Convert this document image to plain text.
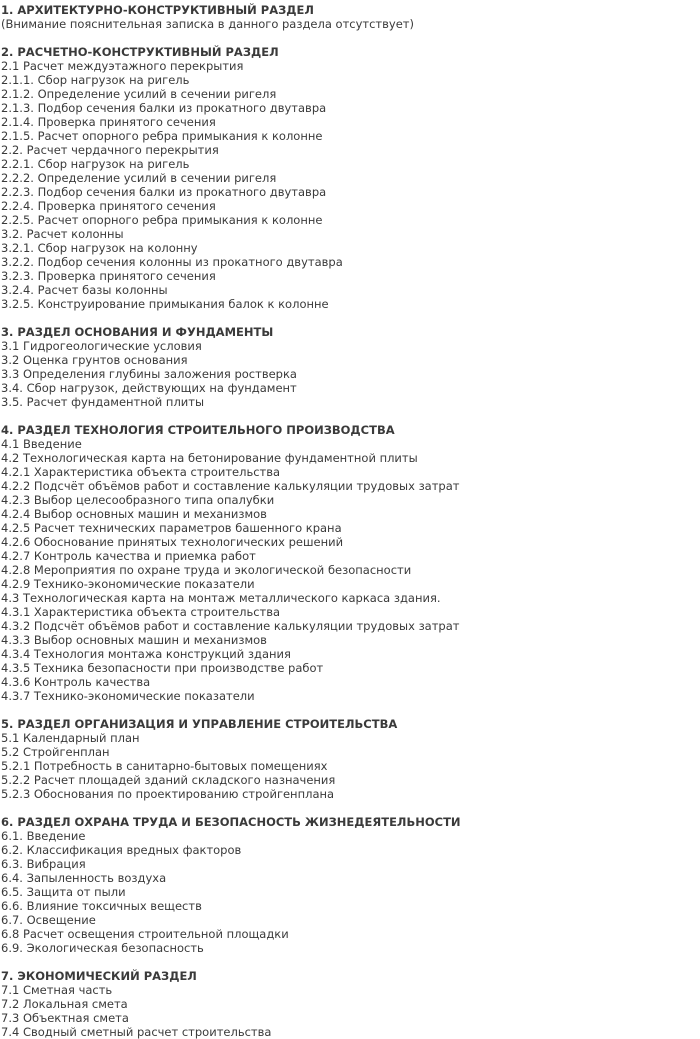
1. АРХИТЕКТУРНО-КОНСТРУКТИВНЫЙ РАЗДЕЛ
(Внимание пояснительная записка в данного раздела отсутствует)
2. РАСЧЕТНО-КОНСТРУКТИВНЫЙ РАЗДЕЛ
2.1 Расчет междуэтажного перекрытия
2.1.1. Сбор нагрузок на ригель
2.1.2. Определение усилий в сечении ригеля
2.1.3. Подбор сечения балки из прокатного двутавра
2.1.4. Проверка принятого сечения
2.1.5. Расчет опорного ребра примыкания к колонне
2.2. Расчет чердачного перекрытия
2.2.1. Сбор нагрузок на ригель
2.2.2. Определение усилий в сечении ригеля
2.2.3. Подбор сечения балки из прокатного двутавра
2.2.4. Проверка принятого сечения
2.2.5. Расчет опорного ребра примыкания к колонне
3.2. Расчет колонны
3.2.1. Сбор нагрузок на колонну
3.2.2. Подбор сечения колонны из прокатного двутавра
3.2.3. Проверка принятого сечения
3.2.4. Расчет базы колонны
3.2.5. Конструирование примыкания балок к колонне
3. РАЗДЕЛ ОСНОВАНИЯ И ФУНДАМЕНТЫ
3.1 Гидрогеологические условия
3.2 Оценка грунтов основания
3.3 Определения глубины заложения ростверка
3.4. Сбор нагрузок, действующих на фундамент
3.5. Расчет фундаментной плиты
4. РАЗДЕЛ ТЕХНОЛОГИЯ СТРОИТЕЛЬНОГО ПРОИЗВОДСТВА
4.1 Введение
4.2 Технологическая карта на бетонирование фундаментной плиты
4.2.1 Характеристика объекта строительства
4.2.2 Подсчёт объёмов работ и составление калькуляции трудовых затрат
4.2.3 Выбор целесообразного типа опалубки
4.2.4 Выбор основных машин и механизмов
4.2.5 Расчет технических параметров башенного крана
4.2.6 Обоснование принятых технологических решений
4.2.7 Контроль качества и приемка работ
4.2.8 Мероприятия по охране труда и экологической безопасности
4.2.9 Технико-экономические показатели
4.3 Технологическая карта на монтаж металлического каркаса здания.
4.3.1 Характеристика объекта строительства
4.3.2 Подсчёт объёмов работ и составление калькуляции трудовых затрат
4.3.3 Выбор основных машин и механизмов
4.3.4 Технология монтажа конструкций здания
4.3.5 Техника безопасности при производстве работ
4.3.6 Контроль качества
4.3.7 Технико-экономические показатели
5. РАЗДЕЛ ОРГАНИЗАЦИЯ И УПРАВЛЕНИЕ СТРОИТЕЛЬСТВА
5.1 Календарный план
5.2 Стройгенплан
5.2.1 Потребность в санитарно-бытовых помещениях
5.2.2 Расчет площадей зданий складского назначения
5.2.3 Обоснования по проектированию стройгенплана
6. РАЗДЕЛ ОХРАНА ТРУДА И БЕЗОПАСНОСТЬ ЖИЗНЕДЕЯТЕЛЬНОСТИ
6.1. Введение
6.2. Классификация вредных факторов
6.3. Вибрация
6.4. Запыленность воздуха
6.5. Защита от пыли
6.6. Влияние токсичных веществ
6.7. Освещение
6.8 Расчет освещения строительной площадки
6.9. Экологическая безопасность
7. ЭКОНОМИЧЕСКИЙ РАЗДЕЛ
7.1 Сметная часть
7.2 Локальная смета
7.3 Объектная смета
7.4 Сводный сметный расчет строительства
